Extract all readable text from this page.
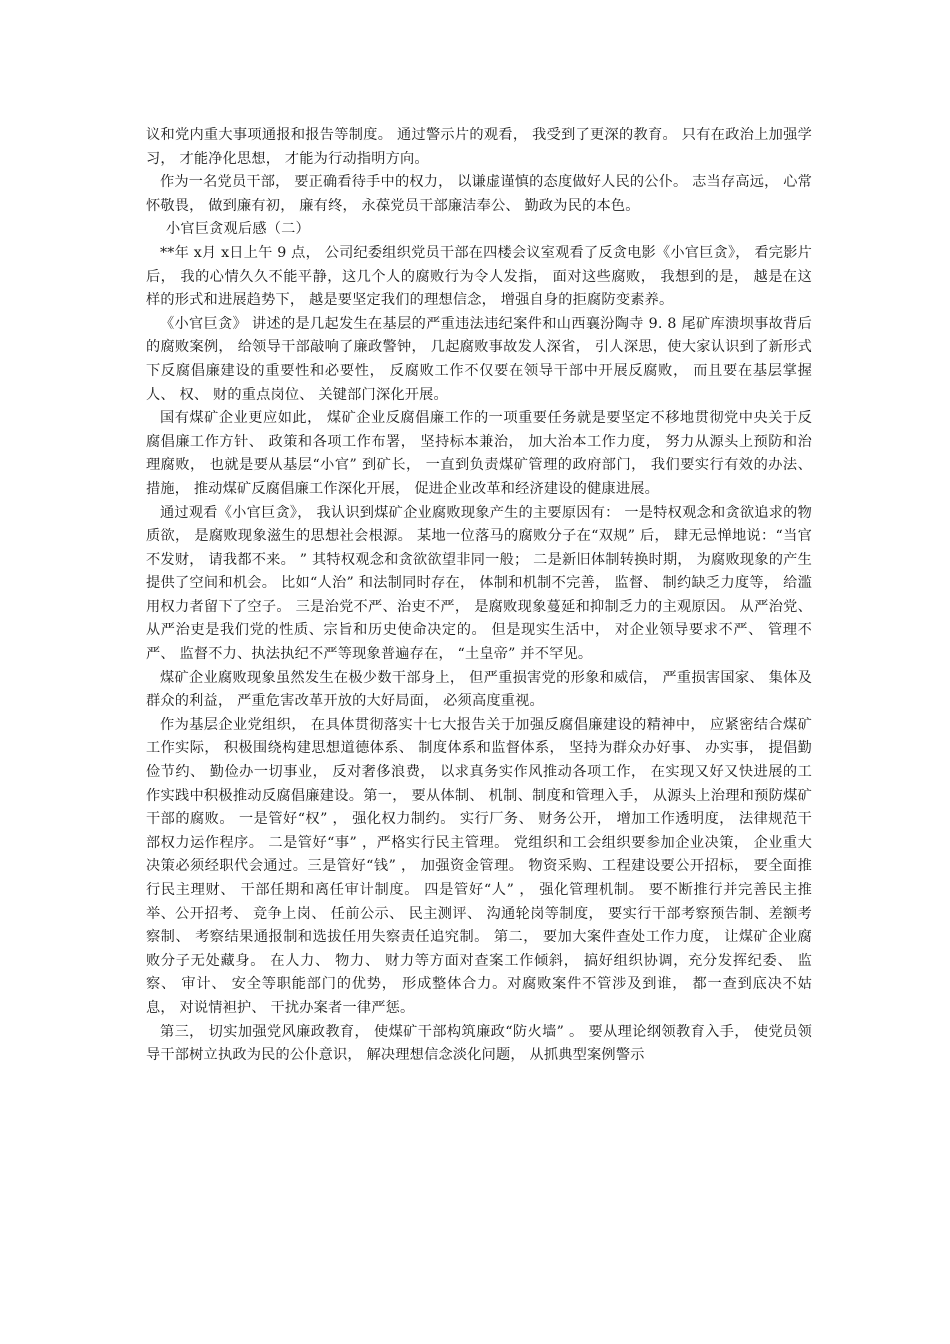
议和党内重大事项通报和报告等制度。 通过警示片的观看， 我受到了更深的教育。 只有在政治上加强学习， 才能净化思想， 才能为行动指明方向。

作为一名党员干部， 要正确看待手中的权力， 以谦虚谨慎的态度做好人民的公仆。 志当存高远， 心常怀敬畏， 做到廉有初， 廉有终， 永葆党员干部廉洁奉公、 勤政为民的本色。

小官巨贪观后感（二）

**年 x月 x日上午 9 点， 公司纪委组织党员干部在四楼会议室观看了反贪电影《小官巨贪》， 看完影片后， 我的心情久久不能平静，这几个人的腐败行为令人发指， 面对这些腐败， 我想到的是， 越是在这样的形式和进展趋势下， 越是要坚定我们的理想信念， 增强自身的拒腐防变素养。

《小官巨贪》 讲述的是几起发生在基层的严重违法违纪案件和山西襄汾陶寺 9. 8 尾矿库溃坝事故背后的腐败案例， 给领导干部敲响了廉政警钟， 几起腐败事故发人深省， 引人深思，使大家认识到了新形式下反腐倡廉建设的重要性和必要性， 反腐败工作不仅要在领导干部中开展反腐败， 而且要在基层掌握人、 权、 财的重点岗位、 关键部门深化开展。

国有煤矿企业更应如此， 煤矿企业反腐倡廉工作的一项重要任务就是要坚定不移地贯彻党中央关于反腐倡廉工作方针、 政策和各项工作布署， 坚持标本兼治， 加大治本工作力度， 努力从源头上预防和治理腐败， 也就是要从基层“小官” 到矿长， 一直到负责煤矿管理的政府部门， 我们要实行有效的办法、 措施， 推动煤矿反腐倡廉工作深化开展， 促进企业改革和经济建设的健康进展。

通过观看《小官巨贪》， 我认识到煤矿企业腐败现象产生的主要原因有： 一是特权观念和贪欲追求的物质欲， 是腐败现象滋生的思想社会根源。 某地一位落马的腐败分子在“双规” 后， 肆无忌惮地说：“当官不发财， 请我都不来。 ” 其特权观念和贪欲欲望非同一般； 二是新旧体制转换时期， 为腐败现象的产生提供了空间和机会。 比如“人治” 和法制同时存在， 体制和机制不完善， 监督、 制约缺乏力度等， 给滥用权力者留下了空子。 三是治党不严、治吏不严， 是腐败现象蔓延和抑制乏力的主观原因。 从严治党、 从严治吏是我们党的性质、宗旨和历史使命决定的。 但是现实生活中， 对企业领导要求不严、 管理不严、 监督不力、执法执纪不严等现象普遍存在， “土皇帝” 并不罕见。

煤矿企业腐败现象虽然发生在极少数干部身上， 但严重损害党的形象和威信， 严重损害国家、 集体及群众的利益， 严重危害改革开放的大好局面， 必须高度重视。

作为基层企业党组织， 在具体贯彻落实十七大报告关于加强反腐倡廉建设的精神中， 应紧密结合煤矿工作实际， 积极围绕构建思想道德体系、 制度体系和监督体系， 坚持为群众办好事、 办实事， 提倡勤俭节约、 勤俭办一切事业， 反对奢侈浪费， 以求真务实作风推动各项工作， 在实现又好又快进展的工作实践中积极推动反腐倡廉建设。第一， 要从体制、 机制、制度和管理入手， 从源头上治理和预防煤矿干部的腐败。 一是管好“权” ， 强化权力制约。 实行厂务、 财务公开， 增加工作透明度， 法律规范干部权力运作程序。 二是管好“事” ，严格实行民主管理。 党组织和工会组织要参加企业决策， 企业重大决策必须经职代会通过。三是管好“钱” ， 加强资金管理。 物资采购、工程建设要公开招标， 要全面推行民主理财、 干部任期和离任审计制度。 四是管好“人” ， 强化管理机制。 要不断推行并完善民主推举、公开招考、 竞争上岗、 任前公示、 民主测评、 沟通轮岗等制度， 要实行干部考察预告制、差额考察制、 考察结果通报制和选拔任用失察责任追究制。 第二， 要加大案件查处工作力度， 让煤矿企业腐败分子无处藏身。 在人力、 物力、 财力等方面对查案工作倾斜， 搞好组织协调，充分发挥纪委、 监察、 审计、 安全等职能部门的优势， 形成整体合力。对腐败案件不管涉及到谁， 都一查到底决不姑息， 对说情袒护、 干扰办案者一律严惩。

第三， 切实加强党风廉政教育， 使煤矿干部构筑廉政“防火墙” 。 要从理论纲领教育入手， 使党员领导干部树立执政为民的公仆意识， 解决理想信念淡化问题， 从抓典型案例警示
